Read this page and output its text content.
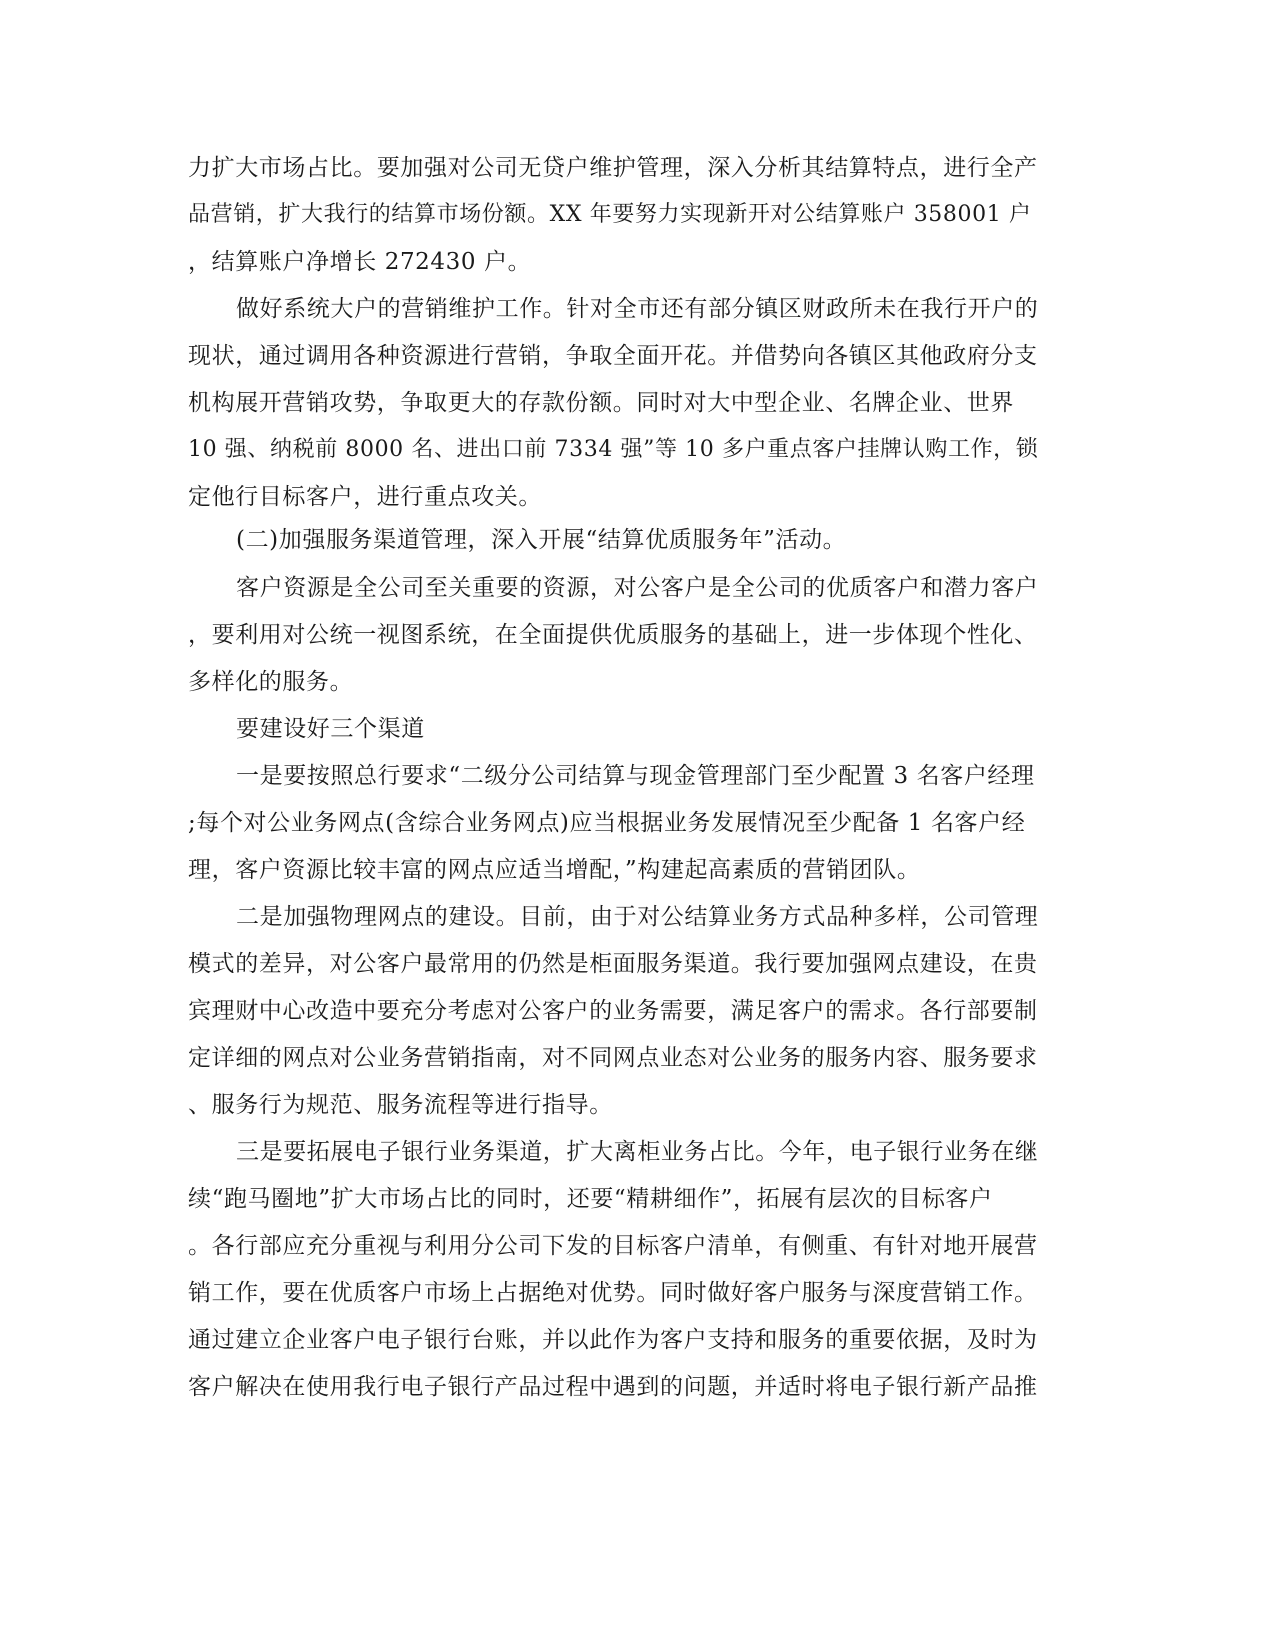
力扩大市场占比。要加强对公司无贷户维护管理，深入分析其结算特点，进行全产
品营销，扩大我行的结算市场份额。XX 年要努力实现新开对公结算账户 358001 户
，结算账户净增长 272430 户。
做好系统大户的营销维护工作。针对全市还有部分镇区财政所未在我行开户的
现状，通过调用各种资源进行营销，争取全面开花。并借势向各镇区其他政府分支
机构展开营销攻势，争取更大的存款份额。同时对大中型企业、名牌企业、世界
10 强、纳税前 8000 名、进出口前 7334 强”等 10 多户重点客户挂牌认购工作，锁
定他行目标客户，进行重点攻关。
(二)加强服务渠道管理，深入开展“结算优质服务年”活动。
客户资源是全公司至关重要的资源，对公客户是全公司的优质客户和潜力客户
，要利用对公统一视图系统，在全面提供优质服务的基础上，进一步体现个性化、
多样化的服务。
要建设好三个渠道
一是要按照总行要求“二级分公司结算与现金管理部门至少配置 3 名客户经理
;每个对公业务网点(含综合业务网点)应当根据业务发展情况至少配备 1 名客户经
理，客户资源比较丰富的网点应适当增配，”构建起高素质的营销团队。
二是加强物理网点的建设。目前，由于对公结算业务方式品种多样，公司管理
模式的差异，对公客户最常用的仍然是柜面服务渠道。我行要加强网点建设，在贵
宾理财中心改造中要充分考虑对公客户的业务需要，满足客户的需求。各行部要制
定详细的网点对公业务营销指南，对不同网点业态对公业务的服务内容、服务要求
、服务行为规范、服务流程等进行指导。
三是要拓展电子银行业务渠道，扩大离柜业务占比。今年，电子银行业务在继
续“跑马圈地”扩大市场占比的同时，还要“精耕细作”，拓展有层次的目标客户
。各行部应充分重视与利用分公司下发的目标客户清单，有侧重、有针对地开展营
销工作，要在优质客户市场上占据绝对优势。同时做好客户服务与深度营销工作。
通过建立企业客户电子银行台账，并以此作为客户支持和服务的重要依据，及时为
客户解决在使用我行电子银行产品过程中遇到的问题，并适时将电子银行新产品推
